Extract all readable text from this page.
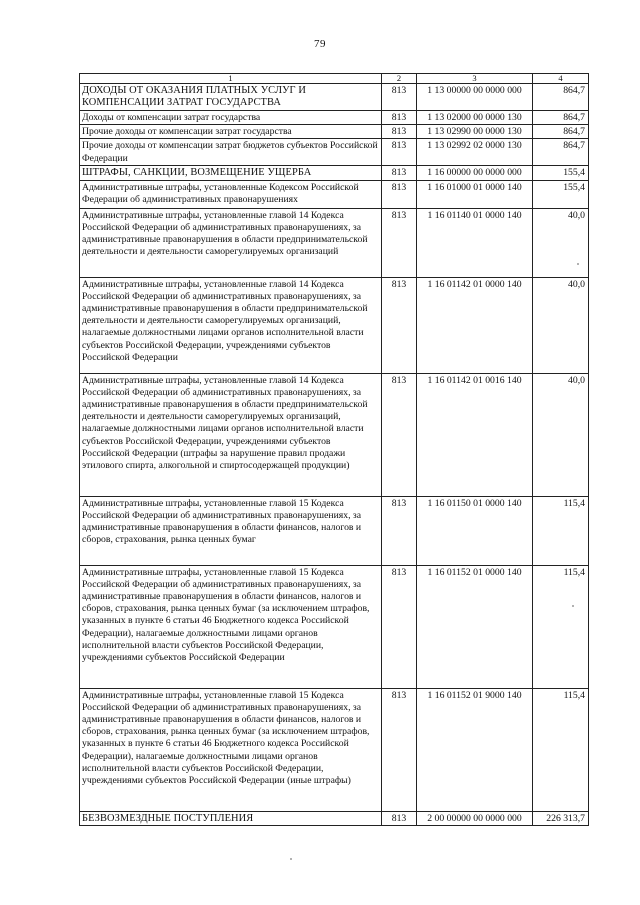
79
1	2	3	4
ДОХОДЫ ОТ ОКАЗАНИЯ ПЛАТНЫХ УСЛУГ И КОМПЕНСАЦИИ ЗАТРАТ ГОСУДАРСТВА	813	1 13 00000 00 0000 000	864,7
Доходы от компенсации затрат государства	813	1 13 02000 00 0000 130	864,7
Прочие доходы от компенсации затрат государства	813	1 13 02990 00 0000 130	864,7
Прочие доходы от компенсации затрат бюджетов субъектов Российской Федерации	813	1 13 02992 02 0000 130	864,7
ШТРАФЫ, САНКЦИИ, ВОЗМЕЩЕНИЕ УЩЕРБА	813	1 16 00000 00 0000 000	155,4
Административные штрафы, установленные Кодексом Российской Федерации об административных правонарушениях	813	1 16 01000 01 0000 140	155,4
Административные штрафы, установленные главой 14 Кодекса Российской Федерации об административных правонарушениях, за административные правонарушения в области предпринимательской деятельности и деятельности саморегулируемых организаций	813	1 16 01140 01 0000 140	40,0
Административные штрафы, установленные главой 14 Кодекса Российской Федерации об административных правонарушениях, за административные правонарушения в области предпринимательской деятельности и деятельности саморегулируемых организаций, налагаемые должностными лицами органов исполнительной власти субъектов Российской Федерации, учреждениями субъектов Российской Федерации	813	1 16 01142 01 0000 140	40,0
Административные штрафы, установленные главой 14 Кодекса Российской Федерации об административных правонарушениях, за административные правонарушения в области предпринимательской деятельности и деятельности саморегулируемых организаций, налагаемые должностными лицами органов исполнительной власти субъектов Российской Федерации, учреждениями субъектов Российской Федерации (штрафы за нарушение правил продажи этилового спирта, алкогольной и спиртосодержащей продукции)	813	1 16 01142 01 0016 140	40,0
Административные штрафы, установленные главой 15 Кодекса Российской Федерации об административных правонарушениях, за административные правонарушения в области финансов, налогов и сборов, страхования, рынка ценных бумаг	813	1 16 01150 01 0000 140	115,4
Административные штрафы, установленные главой 15 Кодекса Российской Федерации об административных правонарушениях, за административные правонарушения в области финансов, налогов и сборов, страхования, рынка ценных бумаг (за исключением штрафов, указанных в пункте 6 статьи 46 Бюджетного кодекса Российской Федерации), налагаемые должностными лицами органов исполнительной власти субъектов Российской Федерации, учреждениями субъектов Российской Федерации	813	1 16 01152 01 0000 140	115,4
Административные штрафы, установленные главой 15 Кодекса Российской Федерации об административных правонарушениях, за административные правонарушения в области финансов, налогов и сборов, страхования, рынка ценных бумаг (за исключением штрафов, указанных в пункте 6 статьи 46 Бюджетного кодекса Российской Федерации), налагаемые должностными лицами органов исполнительной власти субъектов Российской Федерации, учреждениями субъектов Российской Федерации (иные штрафы)	813	1 16 01152 01 9000 140	115,4
БЕЗВОЗМЕЗДНЫЕ ПОСТУПЛЕНИЯ	813	2 00 00000 00 0000 000	226 313,7
